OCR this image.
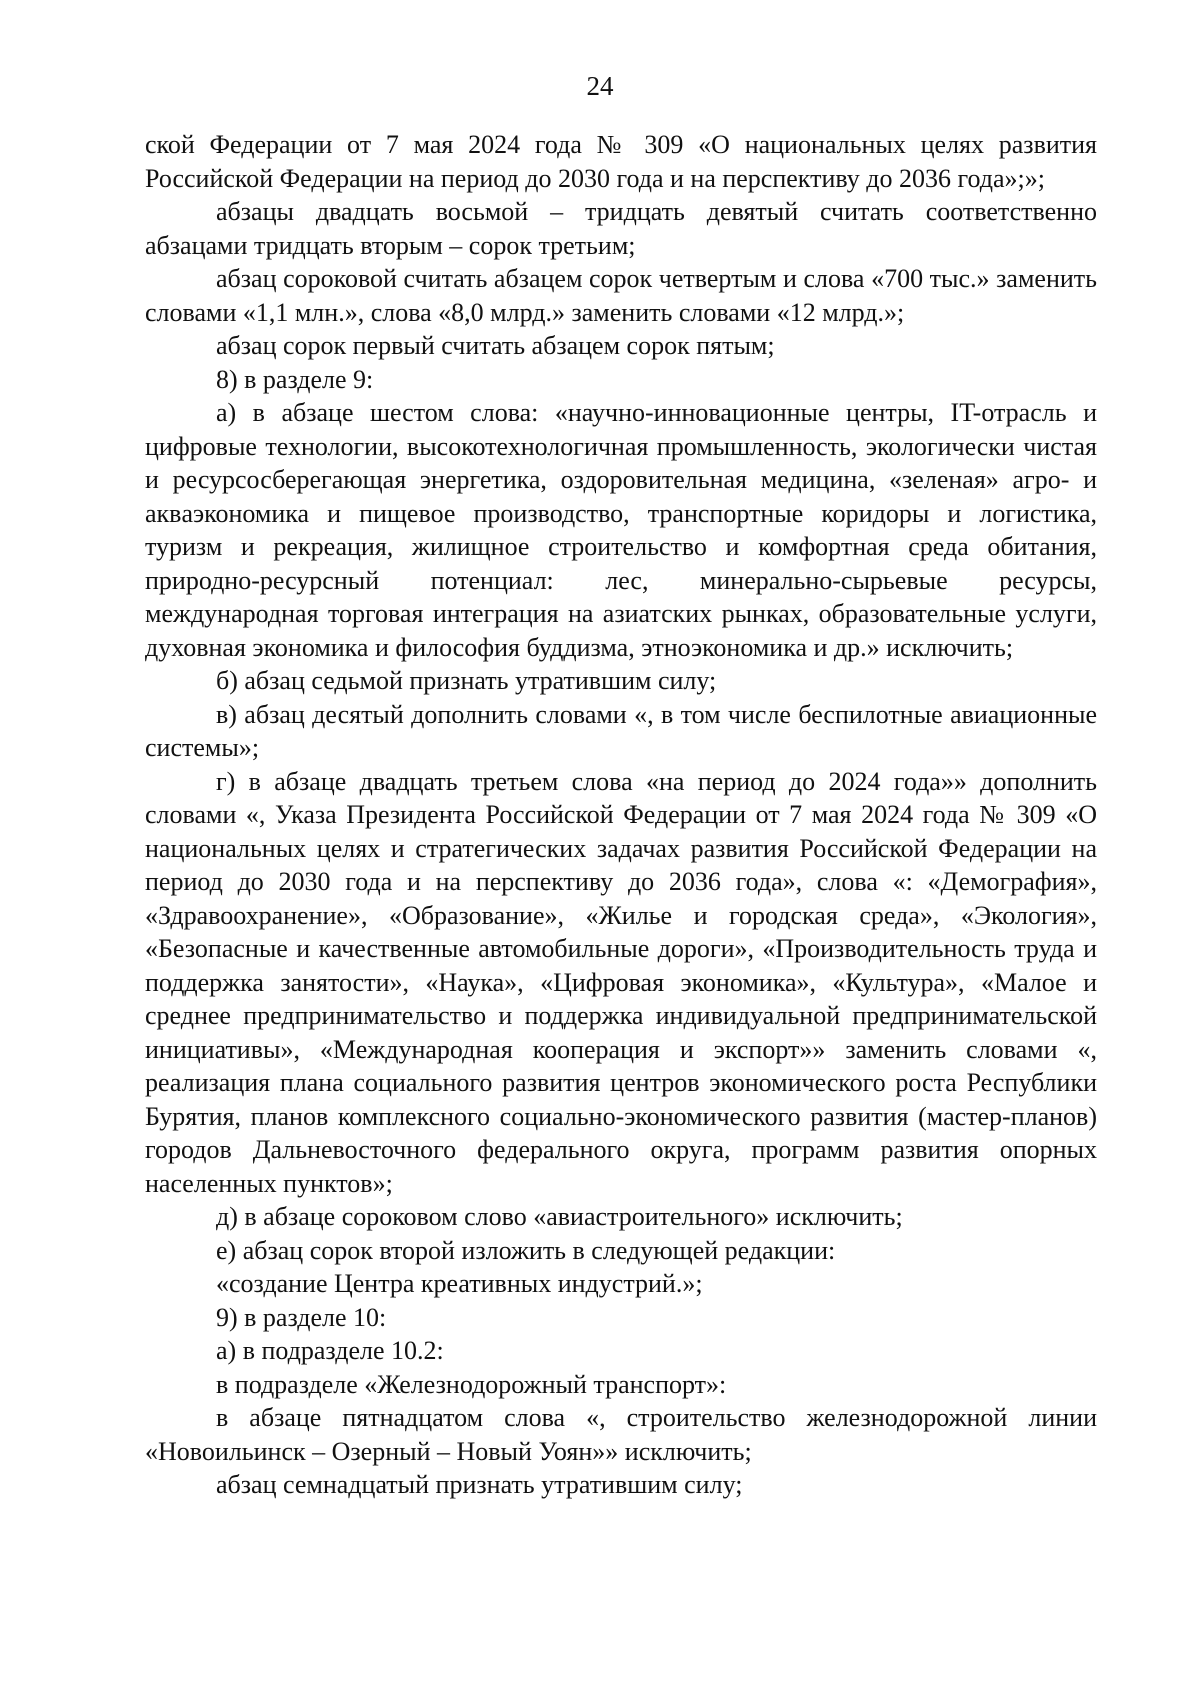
24

ской Федерации от 7 мая 2024 года № 309 «О национальных целях развития Российской Федерации на период до 2030 года и на перспективу до 2036 года»;»;

абзацы двадцать восьмой – тридцать девятый считать соответственно абзацами тридцать вторым – сорок третьим;

абзац сороковой считать абзацем сорок четвертым и слова «700 тыс.» заменить словами «1,1 млн.», слова «8,0 млрд.» заменить словами «12 млрд.»;

абзац сорок первый считать абзацем сорок пятым;

8) в разделе 9:

а) в абзаце шестом слова: «научно-инновационные центры, IT-отрасль и цифровые технологии, высокотехнологичная промышленность, экологически чистая и ресурсосберегающая энергетика, оздоровительная медицина, «зеленая» агро- и аквaэкономика и пищевое производство, транспортные коридоры и логистика, туризм и рекреация, жилищное строительство и комфортная среда обитания, природно-ресурсный потенциал: лес, минерально-сырьевые ресурсы, международная торговая интеграция на азиатских рынках, образовательные услуги, духовная экономика и философия буддизма, этноэкономика и др.» исключить;

б) абзац седьмой признать утратившим силу;

в) абзац десятый дополнить словами «, в том числе беспилотные авиационные системы»;

г) в абзаце двадцать третьем слова «на период до 2024 года»» дополнить словами «, Указа Президента Российской Федерации от 7 мая 2024 года № 309 «О национальных целях и стратегических задачах развития Российской Федерации на период до 2030 года и на перспективу до 2036 года», слова «: «Демография», «Здравоохранение», «Образование», «Жилье и городская среда», «Экология», «Безопасные и качественные автомобильные дороги», «Производительность труда и поддержка занятости», «Наука», «Цифровая экономика», «Культура», «Малое и среднее предпринимательство и поддержка индивидуальной предпринимательской инициативы», «Международная кооперация и экспорт»» заменить словами «, реализация плана социального развития центров экономического роста Республики Бурятия, планов комплексного социально-экономического развития (мастер-планов) городов Дальневосточного федерального округа, программ развития опорных населенных пунктов»;

д) в абзаце сороковом слово «авиастроительного» исключить;

е) абзац сорок второй изложить в следующей редакции:

«создание Центра креативных индустрий.»;

9) в разделе 10:

а) в подразделе 10.2:

в подразделе «Железнодорожный транспорт»:

в абзаце пятнадцатом слова «, строительство железнодорожной линии «Новоильинск – Озерный – Новый Уоян»» исключить;

абзац семнадцатый признать утратившим силу;
